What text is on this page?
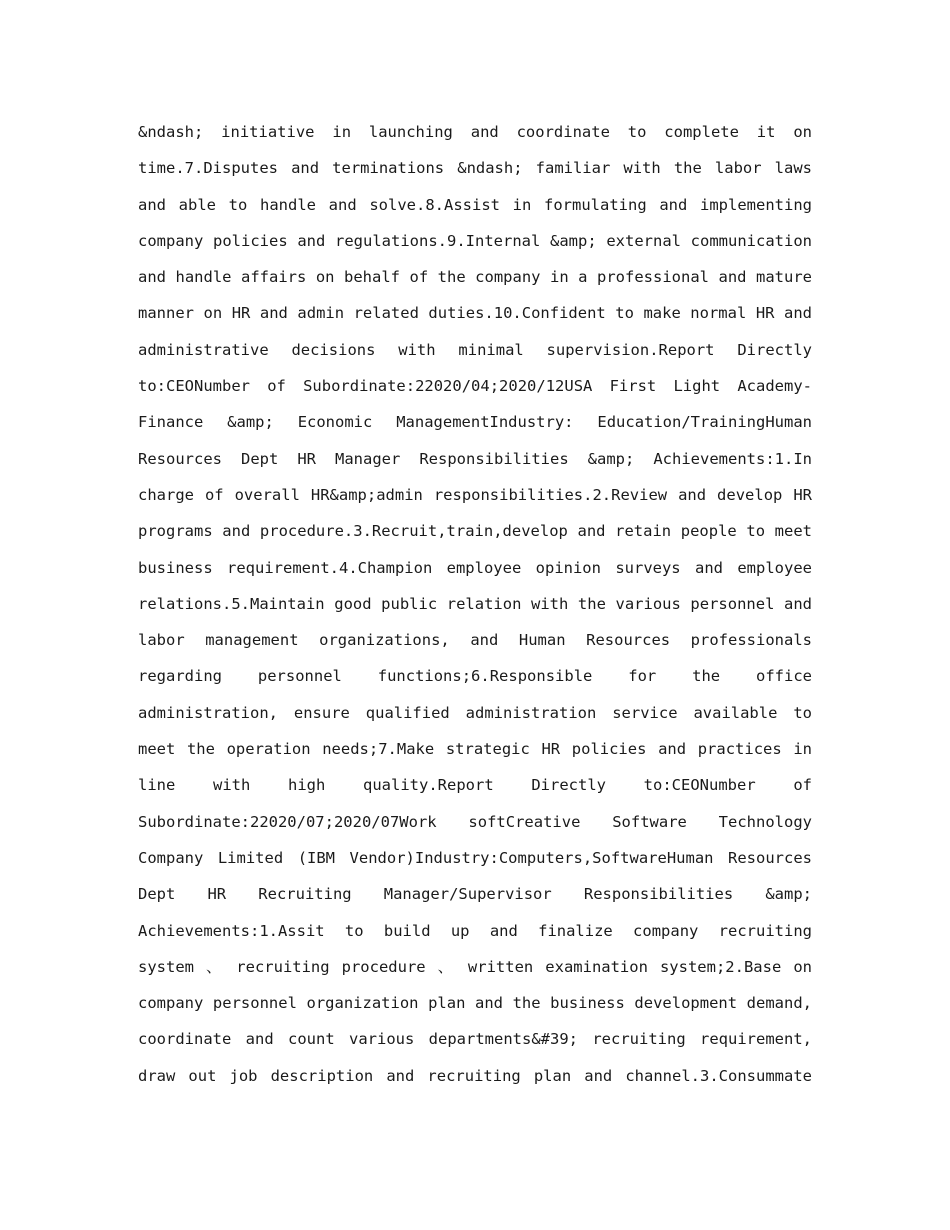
&ndash; initiative in launching and coordinate to complete it on
time.7.Disputes and terminations &ndash; familiar with the labor laws
and able to handle and solve.8.Assist in formulating and implementing
company policies and regulations.9.Internal &amp; external communication
and handle affairs on behalf of the company in a professional and mature
manner on HR and admin related duties.10.Confident to make normal HR and
administrative decisions with minimal supervision.Report Directly
to:CEONumber of Subordinate:22020/04;2020/12USA First Light Academy-
Finance &amp; Economic ManagementIndustry: Education/TrainingHuman
Resources Dept HR Manager Responsibilities &amp; Achievements:1.In
charge of overall HR&amp;admin responsibilities.2.Review and develop HR
programs and procedure.3.Recruit,train,develop and retain people to meet
business requirement.4.Champion employee opinion surveys and employee
relations.5.Maintain good public relation with the various personnel and
labor management organizations, and Human Resources professionals
regarding personnel functions;6.Responsible for the office
administration, ensure qualified administration service available to
meet the operation needs;7.Make strategic HR policies and practices in
line with high quality.Report Directly to:CEONumber of
Subordinate:22020/07;2020/07Work softCreative Software Technology
Company Limited (IBM Vendor)Industry:Computers,SoftwareHuman Resources
Dept HR Recruiting Manager/Supervisor Responsibilities &amp;
Achievements:1.Assit to build up and finalize company recruiting
system 、 recruiting procedure 、 written examination system;2.Base on
company personnel organization plan and the business development demand,
coordinate and count various departments&#39; recruiting requirement,
draw out job description and recruiting plan and channel.3.Consummate
